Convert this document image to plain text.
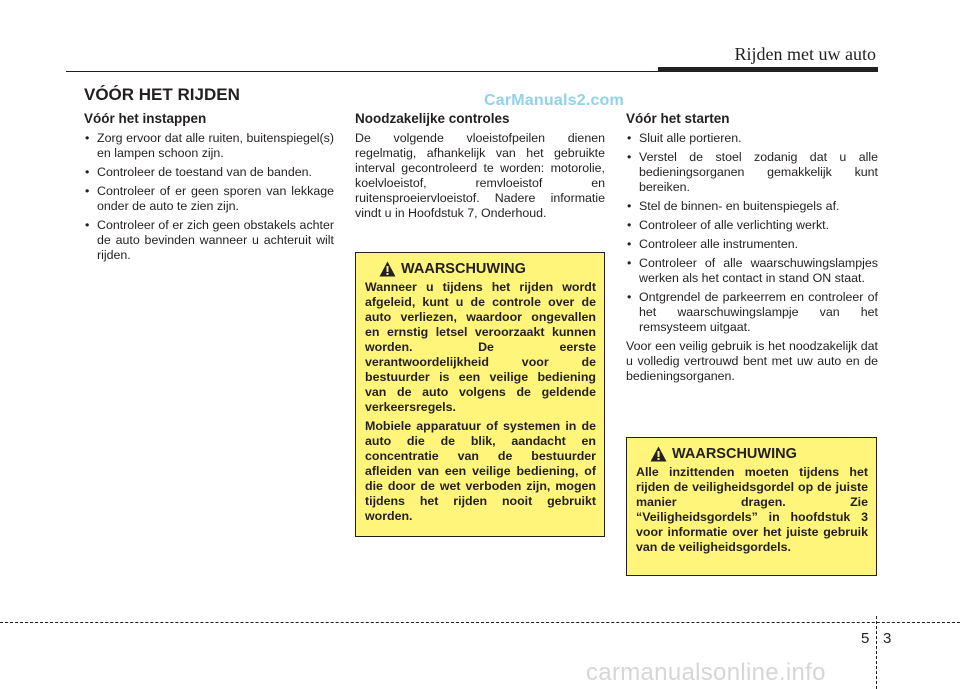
Rijden met uw auto
VÓÓR HET RIJDEN	CarManuals2.com
Vóór het instappen
• Zorg ervoor dat alle ruiten, buitenspiegel(s) en lampen schoon zijn.
• Controleer de toestand van de banden.
• Controleer of er geen sporen van lekkage onder de auto te zien zijn.
• Controleer of er zich geen obstakels achter de auto bevinden wanneer u achteruit wilt rijden.
Noodzakelijke controles

De volgende vloeistofpeilen dienen regelmatig, afhankelijk van het gebruikte interval gecontroleerd te worden: motorolie, koelvloeistof, remvloeistof en ruitensproeiervloeistof. Nadere informatie vindt u in Hoofdstuk 7, Onderhoud.

WAARSCHUWING

Wanneer u tijdens het rijden wordt afgeleid, kunt u de controle over de auto verliezen, waardoor ongevallen en ernstig letsel veroorzaakt kunnen worden. De eerste verantwoordelijkheid voor de bestuurder is een veilige bediening van de auto volgens de geldende verkeersregels.

Mobiele apparatuur of systemen in de auto die de blik, aandacht en concentratie van de bestuurder afleiden van een veilige bediening, of die door de wet verboden zijn, mogen tijdens het rijden nooit gebruikt worden.

Vóór het starten
• Sluit alle portieren.
• Verstel de stoel zodanig dat u alle bedieningsorganen gemakkelijk kunt bereiken.
• Stel de binnen- en buitenspiegels af.
• Controleer of alle verlichting werkt.
• Controleer alle instrumenten.
• Controleer of alle waarschuwingslampjes werken als het contact in stand ON staat.
• Ontgrendel de parkeerrem en controleer of het waarschuwingslampje van het remsysteem uitgaat.

Voor een veilig gebruik is het noodzakelijk dat u volledig vertrouwd bent met uw auto en de bedieningsorganen.

WAARSCHUWING

Alle inzittenden moeten tijdens het rijden de veiligheidsgordel op de juiste manier dragen. Zie “Veiligheidsgordels” in hoofdstuk 3 voor informatie over het juiste gebruik van de veiligheidsgordels.

5 3
carmanualsonline.info
